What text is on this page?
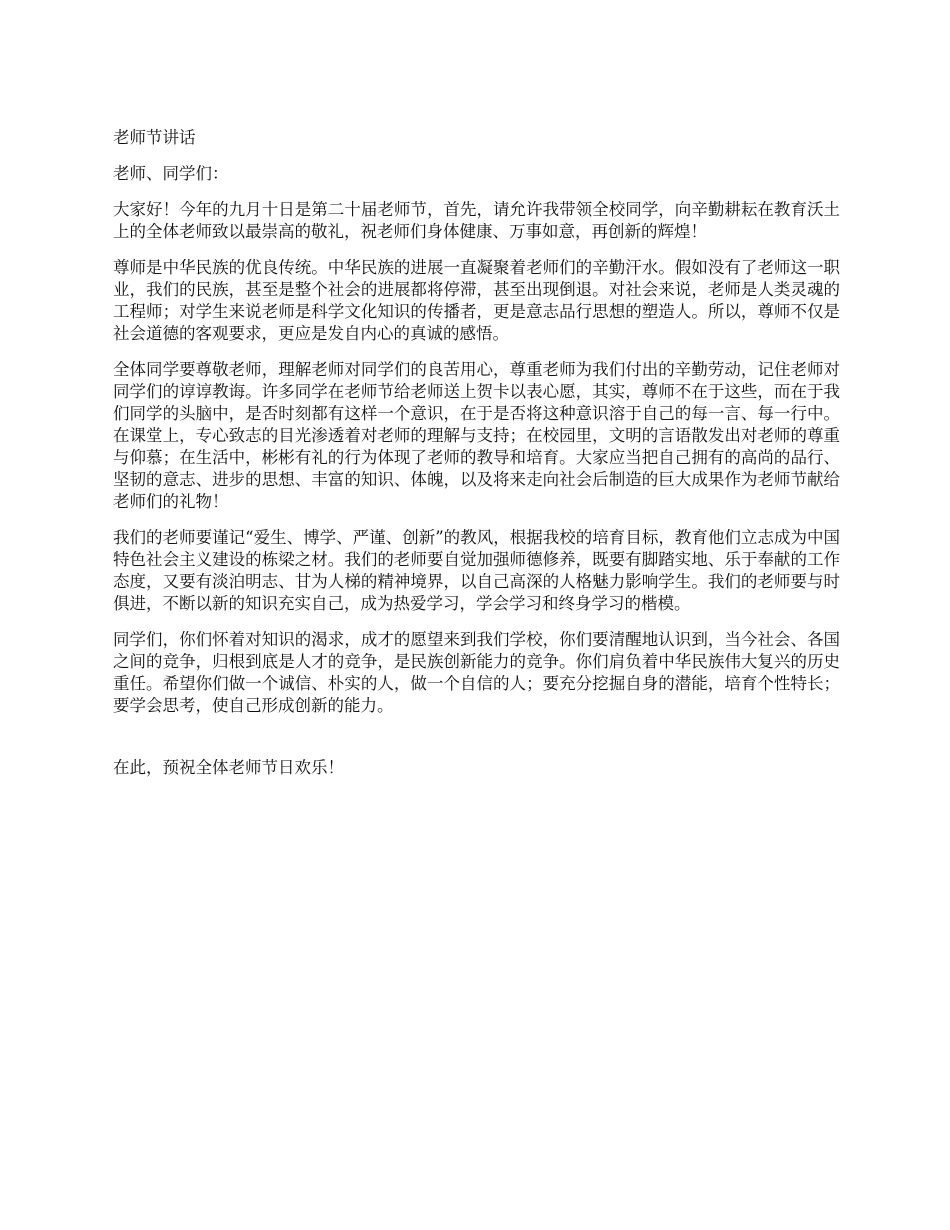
老师节讲话

老师、同学们：

大家好！今年的九月十日是第二十届老师节，首先，请允许我带领全校同学，向辛勤耕耘在教育沃土上的全体老师致以最崇高的敬礼，祝老师们身体健康、万事如意，再创新的辉煌！

尊师是中华民族的优良传统。中华民族的进展一直凝聚着老师们的辛勤汗水。假如没有了老师这一职业，我们的民族，甚至是整个社会的进展都将停滞，甚至出现倒退。对社会来说，老师是人类灵魂的工程师；对学生来说老师是科学文化知识的传播者，更是意志品行思想的塑造人。所以，尊师不仅是社会道德的客观要求，更应是发自内心的真诚的感悟。

全体同学要尊敬老师，理解老师对同学们的良苦用心，尊重老师为我们付出的辛勤劳动，记住老师对同学们的谆谆教诲。许多同学在老师节给老师送上贺卡以表心愿，其实，尊师不在于这些，而在于我们同学的头脑中，是否时刻都有这样一个意识，在于是否将这种意识溶于自己的每一言、每一行中。在课堂上，专心致志的目光渗透着对老师的理解与支持；在校园里，文明的言语散发出对老师的尊重与仰慕；在生活中，彬彬有礼的行为体现了老师的教导和培育。大家应当把自己拥有的高尚的品行、坚韧的意志、进步的思想、丰富的知识、体魄，以及将来走向社会后制造的巨大成果作为老师节献给老师们的礼物！

我们的老师要谨记“爱生、博学、严谨、创新”的教风，根据我校的培育目标，教育他们立志成为中国特色社会主义建设的栋梁之材。我们的老师要自觉加强师德修养，既要有脚踏实地、乐于奉献的工作态度，又要有淡泊明志、甘为人梯的精神境界，以自己高深的人格魅力影响学生。我们的老师要与时俱进，不断以新的知识充实自己，成为热爱学习，学会学习和终身学习的楷模。

同学们，你们怀着对知识的渴求，成才的愿望来到我们学校，你们要清醒地认识到，当今社会、各国之间的竞争，归根到底是人才的竞争，是民族创新能力的竞争。你们肩负着中华民族伟大复兴的历史重任。希望你们做一个诚信、朴实的人，做一个自信的人；要充分挖掘自身的潜能，培育个性特长；要学会思考，使自己形成创新的能力。

在此，预祝全体老师节日欢乐！
